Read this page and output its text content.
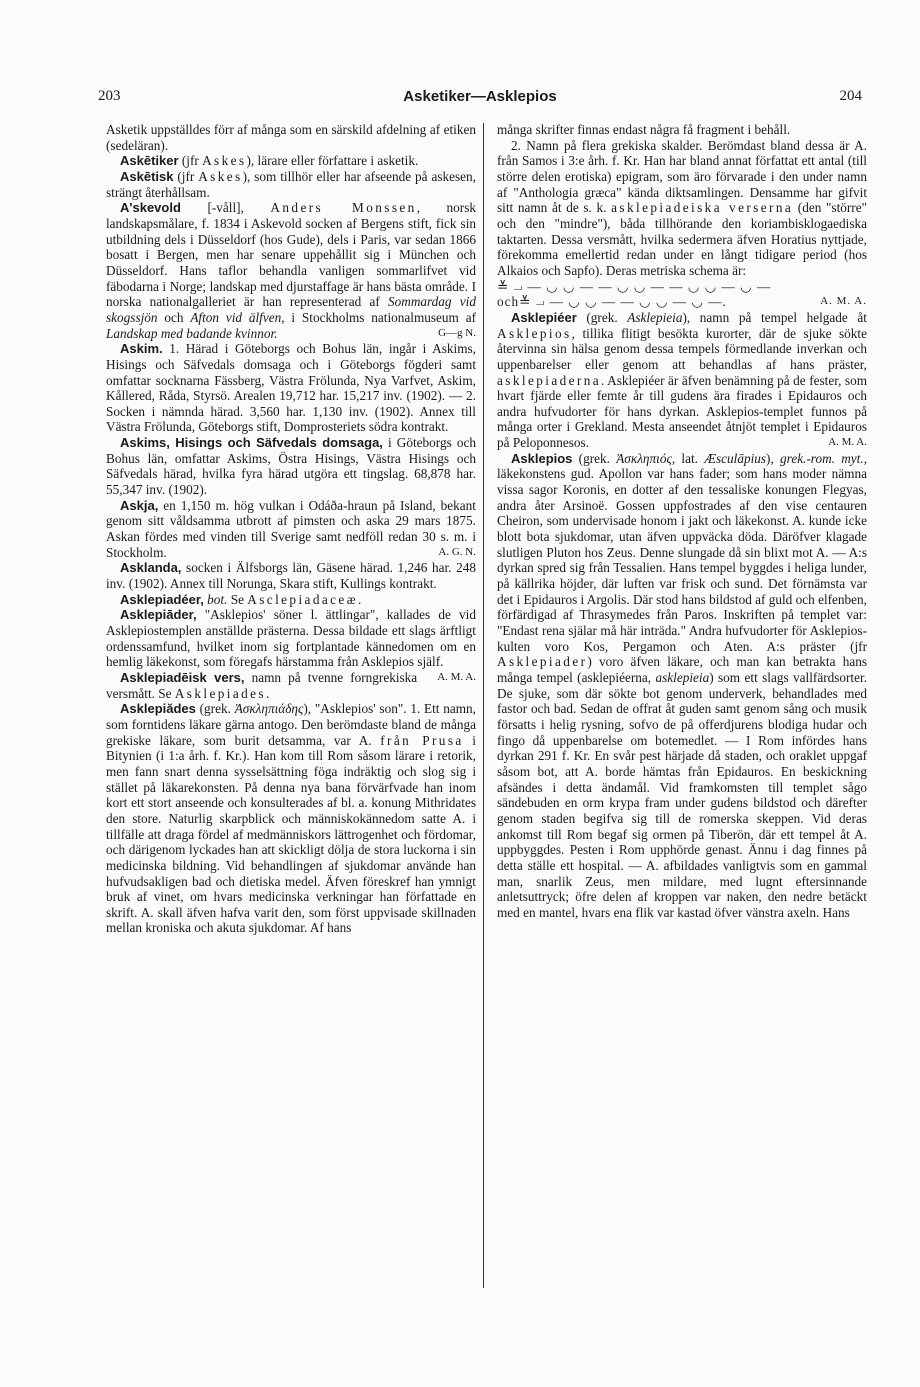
203	Asketiker—Asklepios	204

Asketik uppställdes förr af många som en särskild afdelning af etiken (sedeläran).

Askētiker (jfr Askes), lärare eller författare i asketik.

Askētisk (jfr Askes), som tillhör eller har afseende på askesen, strängt återhållsam.

A'skevold [-våll], Anders Monssen, norsk landskapsmålare, f. 1834 i Askevold socken af Bergens stift, fick sin utbildning dels i Düsseldorf (hos Gude), dels i Paris, var sedan 1866 bosatt i Bergen, men har senare uppehållit sig i München och Düsseldorf. Hans taflor behandla vanligen sommarlifvet vid fäbodarna i Norge; landskap med djurstaffage är hans bästa område. I norska nationalgalleriet är han representerad af Sommardag vid skogssjön och Afton vid älfven, i Stockholms nationalmuseum af Landskap med badande kvinnor.	G—g N.

Askim. 1. Härad i Göteborgs och Bohus län, ingår i Askims, Hisings och Säfvedals domsaga och i Göteborgs fögderi samt omfattar socknarna Fässberg, Västra Frölunda, Nya Varfvet, Askim, Kållered, Råda, Styrsö. Arealen 19,712 har. 15,217 inv. (1902). — 2. Socken i nämnda härad. 3,560 har. 1,130 inv. (1902). Annex till Västra Frölunda, Göteborgs stift, Domprosteriets södra kontrakt.

Askims, Hisings och Säfvedals domsaga, i Göteborgs och Bohus län, omfattar Askims, Östra Hisings, Västra Hisings och Säfvedals härad, hvilka fyra härad utgöra ett tingslag. 68,878 har. 55,347 inv. (1902).

Askja, en 1,150 m. hög vulkan i Odáða-hraun på Island, bekant genom sitt våldsamma utbrott af pimsten och aska 29 mars 1875. Askan fördes med vinden till Sverige samt nedföll redan 30 s. m. i Stockholm.	A. G. N.

Asklanda, socken i Älfsborgs län, Gäsene härad. 1,246 har. 248 inv. (1902). Annex till Norunga, Skara stift, Kullings kontrakt.

Asklepiadéer, bot. Se Asclepiadaceæ.

Asklepiāder, "Asklepios' söner l. ättlingar", kallades de vid Asklepiostemplen anställde prästerna. Dessa bildade ett slags ärftligt ordenssamfund, hvilket inom sig fortplantade kännedomen om en hemlig läkekonst, som föregafs härstamma från Asklepios själf.
A. M. A.

Asklepiadēisk vers, namn på tvenne forngrekiska versmått. Se Asklepiades.

Asklepiădes (grek. Ἀσκληπιάδης), "Asklepios' son". 1. Ett namn, som forntidens läkare gärna antogo. Den berömdaste bland de många grekiske läkare, som burit detsamma, var A. från Prusa i Bitynien (i 1:a årh. f. Kr.). Han kom till Rom såsom lärare i retorik, men fann snart denna sysselsättning föga indräktig och slog sig i stället på läkarekonsten. På denna nya bana förvärfvade han inom kort ett stort anseende och konsulterades af bl. a. konung Mithridates den store. Naturlig skarpblick och människokännedom satte A. i tillfälle att draga fördel af medmänniskors lättrogenhet och fördomar, och därigenom lyckades han att skickligt dölja de stora luckorna i sin medicinska bildning. Vid behandlingen af sjukdomar använde han hufvudsakligen bad och dietiska medel. Äfven föreskref han ymnigt bruk af vinet, om hvars medicinska verkningar han författade en skrift. A. skall äfven hafva varit den, som först uppvisade skillnaden mellan kroniska och akuta sjukdomar. Af hans

många skrifter finnas endast några få fragment i behåll.

2. Namn på flera grekiska skalder. Berömdast bland dessa är A. från Samos i 3:e årh. f. Kr. Han har bland annat författat ett antal (till större delen erotiska) epigram, som äro förvarade i den under namn af "Anthologia græca" kända diktsamlingen. Densamme har gifvit sitt namn åt de s. k. asklepiadeiska verserna (den "större" och den "mindre"), båda tillhörande den koriambisklogaediska taktarten. Dessa versmått, hvilka sedermera äfven Horatius nyttjade, förekomma emellertid redan under en långt tidigare period (hos Alkaios och Sapfo). Deras metriska schema är:

≚ ⏗ — ◡ ◡ — — ◡ ◡ — — ◡ ◡ — ◡ —
och≚ ⏗ — ◡ ◡ — — ◡ ◡ — ◡ —.	A. M. A.

Asklepiéer (grek. Asklepieia), namn på tempel helgade åt Asklepios, tillika flitigt besökta kurorter, där de sjuke sökte återvinna sin hälsa genom dessa tempels förmedlande inverkan och uppenbarelser eller genom att behandlas af hans präster, asklepiaderna. Asklepiéer är äfven benämning på de fester, som hvart fjärde eller femte år till gudens ära firades i Epidauros och andra hufvudorter för hans dyrkan. Asklepios-templet funnos på många orter i Grekland. Mesta anseendet åtnjöt templet i Epidauros på Peloponnesos.	A. M. A.

Asklepios (grek. Ἀσκληπιός, lat. Æsculāpius), grek.-rom. myt., läkekonstens gud. Apollon var hans fader; som hans moder nämna vissa sagor Koronis, en dotter af den tessaliske konungen Flegyas, andra åter Arsinoë. Gossen uppfostrades af den vise centauren Cheiron, som undervisade honom i jakt och läkekonst. A. kunde icke blott bota sjukdomar, utan äfven uppväcka döda. Däröfver klagade slutligen Pluton hos Zeus. Denne slungade då sin blixt mot A. — A:s dyrkan spred sig från Tessalien. Hans tempel byggdes i heliga lunder, på källrika höjder, där luften var frisk och sund. Det förnämsta var det i Epidauros i Argolis. Där stod hans bildstod af guld och elfenben, förfärdigad af Thrasymedes från Paros. Inskriften på templet var: "Endast rena själar må här inträda." Andra hufvudorter för Asklepios-kulten voro Kos, Pergamon och Aten. A:s präster (jfr Asklepiader) voro äfven läkare, och man kan betrakta hans många tempel (asklepiéerna, asklepieia) som ett slags vallfärdsorter. De sjuke, som där sökte bot genom underverk, behandlades med fastor och bad. Sedan de offrat åt guden samt genom sång och musik försatts i helig rysning, sofvo de på offerdjurens blodiga hudar och fingo då uppenbarelse om botemedlet. — I Rom infördes hans dyrkan 291 f. Kr. En svår pest härjade då staden, och oraklet uppgaf såsom bot, att A. borde hämtas från Epidauros. En beskickning afsändes i detta ändamål. Vid framkomsten till templet sågo sändebuden en orm krypa fram under gudens bildstod och därefter genom staden begifva sig till de romerska skeppen. Vid deras ankomst till Rom begaf sig ormen på Tiberön, där ett tempel åt A. uppbyggdes. Pesten i Rom upphörde genast. Ännu i dag finnes på detta ställe ett hospital. — A. afbildades vanligtvis som en gammal man, snarlik Zeus, men mildare, med lugnt eftersinnande anletsuttryck; öfre delen af kroppen var naken, den nedre betäckt med en mantel, hvars ena flik var kastad öfver vänstra axeln. Hans
